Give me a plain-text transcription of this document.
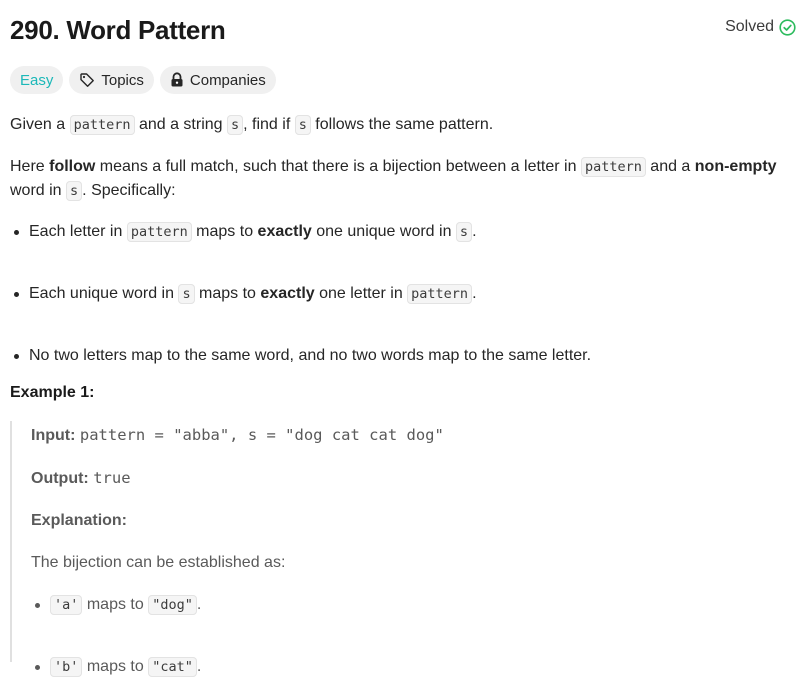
290. Word Pattern	Solved
Easy	Topics	Companies

Given a pattern and a string s , find if s follows the same pattern.

Here follow means a full match, such that there is a bijection between a letter in pattern and a non-empty word in s . Specifically:

Each letter in pattern maps to exactly one unique word in s .
Each unique word in s maps to exactly one letter in pattern .
No two letters map to the same word, and no two words map to the same letter.
Example 1:
Input: pattern = "abba", s = "dog cat cat dog"
Output: true
Explanation:
The bijection can be established as:
'a' maps to "dog" .
'b' maps to "cat" .
